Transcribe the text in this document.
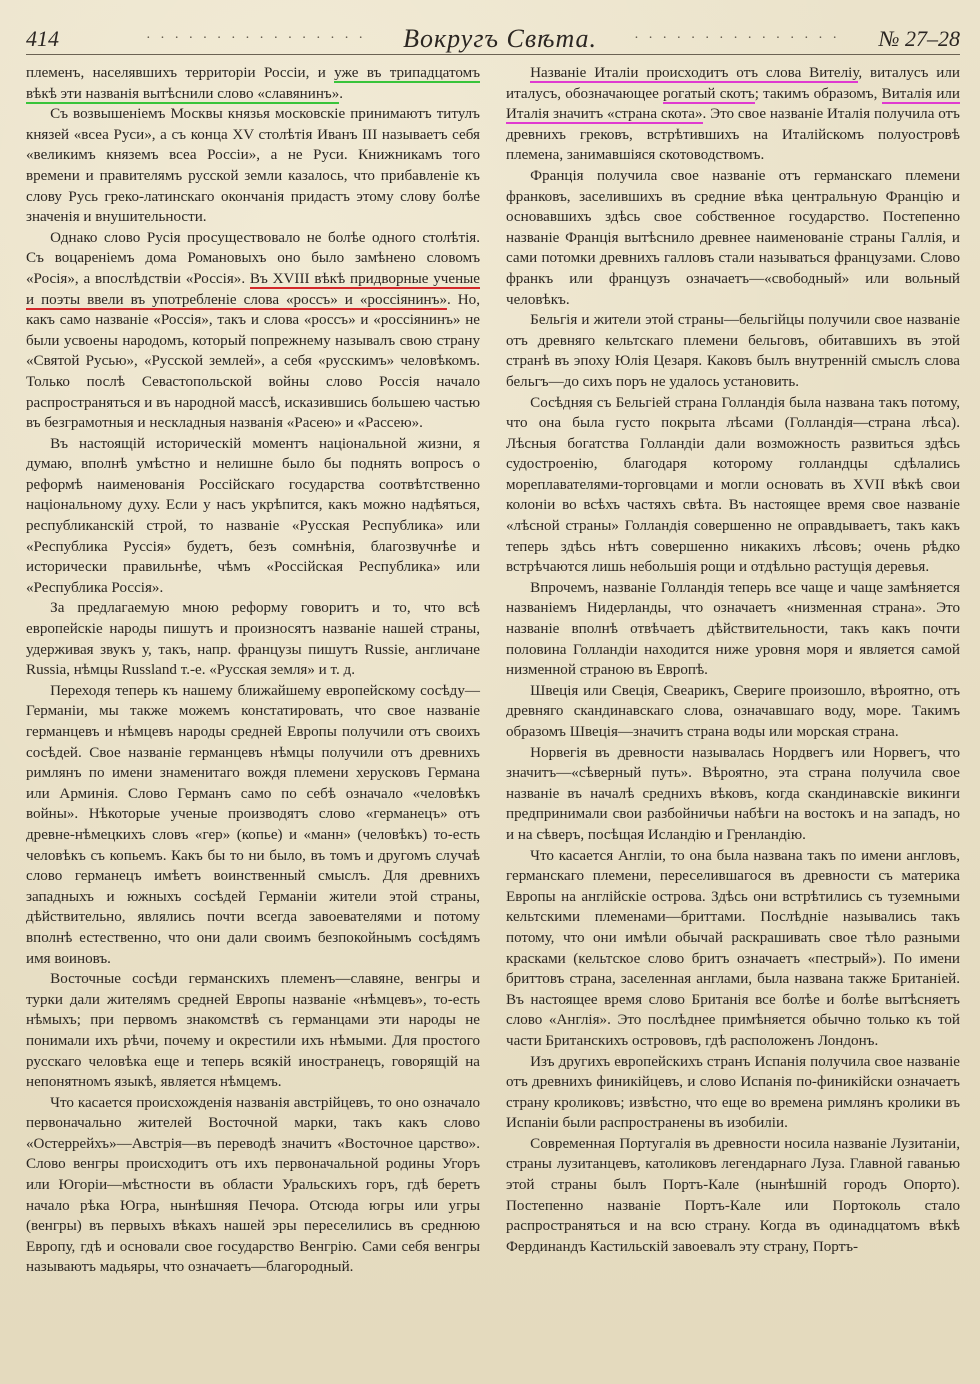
414	· · · · · · · · · · · · · · · ·	Вокругъ Свѣта.	· · · · · · · · · · · · · · ·	№ 27–28

племенъ, населявшихъ территорiи Россiи, и уже въ трипадцатомъ вѣкѣ эти названiя вытѣснили слово «славянинъ».

Съ возвышенiемъ Москвы князья московскiе принимаютъ титулъ князей «всеа Руси», а съ конца XV столѣтiя Иванъ III называетъ себя «великимъ княземъ всеа Россiи», а не Руси. Книжникамъ того времени и правителямъ русской земли казалось, что прибавленiе къ слову Русь греко-латинскаго окончанiя придастъ этому слову болѣе значенiя и внушительности.

Однако слово Русiя просуществовало не болѣе одного столѣтiя. Съ воцаренiемъ дома Романовыхъ оно было замѣнено словомъ «Росiя», а впослѣдствiи «Россiя». Въ XVIII вѣкѣ придворные ученые и поэты ввели въ употребленiе слова «россъ» и «россiянинъ». Но, какъ само названiе «Россiя», такъ и слова «россъ» и «россiянинъ» не были усвоены народомъ, который попрежнему называлъ свою страну «Святой Русью», «Русской землей», а себя «русскимъ» человѣкомъ. Только послѣ Севастопольской войны слово Россiя начало распространяться и въ народной массѣ, исказившись большею частью въ безграмотныя и нескладныя названiя «Расею» и «Рассею».

Въ настоящiй историческiй моментъ нацiональной жизни, я думаю, вполнѣ умѣстно и нелишне было бы поднять вопросъ о реформѣ наименованiя Россiйскаго государства соотвѣтственно нацiональному духу. Если у насъ укрѣпится, какъ можно надѣяться, республиканскiй строй, то названiе «Русская Республика» или «Республика Руссiя» будетъ, безъ сомнѣнiя, благозвучнѣе и исторически правильнѣе, чѣмъ «Россiйская Республика» или «Республика Россiя».

За предлагаемую мною реформу говоритъ и то, что всѣ европейскiе народы пишутъ и произносятъ названiе нашей страны, удерживая звукъ у, такъ, напр. французы пишутъ Russie, англичане Russia, нѣмцы Russland т.-е. «Русская земля» и т. д.

Переходя теперь къ нашему ближайшему европейскому сосѣду—Германiи, мы также можемъ констатировать, что свое названiе германцевъ и нѣмцевъ народы средней Европы получили отъ своихъ сосѣдей. Свое названiе германцевъ нѣмцы получили отъ древнихъ римлянъ по имени знаменитаго вождя племени херусковъ Германа или Арминiя. Слово Германъ само по себѣ означало «человѣкъ войны». Нѣкоторые ученые производятъ слово «германецъ» отъ древне-нѣмецкихъ словъ «гер» (копье) и «манн» (человѣкъ) то-есть человѣкъ съ копьемъ. Какъ бы то ни было, въ томъ и другомъ случаѣ слово германецъ имѣетъ воинственный смыслъ. Для древнихъ западныхъ и южныхъ сосѣдей Германiи жители этой страны, дѣйствительно, являлись почти всегда завоевателями и потому вполнѣ естественно, что они дали своимъ безпокойнымъ сосѣдямъ имя воиновъ.

Восточные сосѣди германскихъ племенъ—славяне, венгры и турки дали жителямъ средней Европы названiе «нѣмцевъ», то-есть нѣмыхъ; при первомъ знакомствѣ съ германцами эти народы не понимали ихъ рѣчи, почему и окрестили ихъ нѣмыми. Для простого русскаго человѣка еще и теперь всякiй иностранецъ, говорящiй на непонятномъ языкѣ, является нѣмцемъ.

Что касается происхожденiя названiя австрiйцевъ, то оно означало первоначально жителей Восточной марки, такъ какъ слово «Остеррейхъ»—Австрiя—въ переводѣ значитъ «Восточное царство». Слово венгры происходитъ отъ ихъ первоначальной родины Угоръ или Югорiи—мѣстности въ области Уральскихъ горъ, гдѣ беретъ начало рѣка Югра, нынѣшняя Печора. Отсюда югры или угры (венгры) въ первыхъ вѣкахъ нашей эры переселились въ среднюю Европу, гдѣ и основали свое государство Венгрiю. Сами себя венгры называютъ мадьяры, что означаетъ—благородный.

Названiе Италiи происходитъ отъ слова Вителiу, виталусъ или италусъ, обозначающее рогатый скотъ; такимъ образомъ, Виталiя или Италiя значитъ «страна скота». Это свое названiе Италiя получила отъ древнихъ грековъ, встрѣтившихъ на Италiйскомъ полуостровѣ племена, занимавшiяся скотоводствомъ.

Францiя получила свое названiе отъ германскаго племени франковъ, заселившихъ въ средние вѣка центральную Францiю и основавшихъ здѣсь свое собственное государство. Постепенно названiе Францiя вытѣснило древнее наименованiе страны Галлiя, и сами потомки древнихъ галловъ стали называться французами. Слово франкъ или французъ означаетъ—«свободный» или вольный человѣкъ.

Бельгiя и жители этой страны—бельгiйцы получили свое названiе отъ древняго кельтскаго племени бельговъ, обитавшихъ въ этой странѣ въ эпоху Юлiя Цезаря. Каковъ былъ внутреннiй смыслъ слова бельгъ—до сихъ поръ не удалось установить.

Сосѣдняя съ Бельгiей страна Голландiя была названа такъ потому, что она была густо покрыта лѣсами (Голландiя—страна лѣса). Лѣсныя богатства Голландiи дали возможность развиться здѣсь судостроенiю, благодаря которому голландцы сдѣлались мореплавателями-торговцами и могли основать въ XVII вѣкѣ свои колонiи во всѣхъ частяхъ свѣта. Въ настоящее время свое названiе «лѣсной страны» Голландiя совершенно не оправдываетъ, такъ какъ теперь здѣсь нѣтъ совершенно никакихъ лѣсовъ; очень рѣдко встрѣчаются лишь небольшiя рощи и отдѣльно растущiя деревья.

Впрочемъ, названiе Голландiя теперь все чаще и чаще замѣняется названiемъ Нидерланды, что означаетъ «низменная страна». Это названiе вполнѣ отвѣчаетъ дѣйствительности, такъ какъ почти половина Голландiи находится ниже уровня моря и является самой низменной страною въ Европѣ.

Швецiя или Свецiя, Свеарикъ, Свериге произошло, вѣроятно, отъ древняго скандинавскаго слова, означавшаго воду, море. Такимъ образомъ Швецiя—значитъ страна воды или морская страна.

Норвегiя въ древности называлась Нордвегъ или Норвегъ, что значитъ—«сѣверный путь». Вѣроятно, эта страна получила свое названiе въ началѣ среднихъ вѣковъ, когда скандинавскiе викинги предпринимали свои разбойничьи набѣги на востокъ и на западъ, но и на сѣверъ, посѣщая Исландiю и Гренландiю.

Что касается Англiи, то она была названа такъ по имени англовъ, германскаго племени, переселившагося въ древности съ материка Европы на англiйскiе острова. Здѣсь они встрѣтились съ туземными кельтскими племенами—бриттами. Послѣднiе назывались такъ потому, что они имѣли обычай раскрашивать свое тѣло разными красками (кельтское слово бритъ означаетъ «пестрый»). По имени бриттовъ страна, заселенная англами, была названа также Британiей. Въ настоящее время слово Британiя все болѣе и болѣе вытѣсняетъ слово «Англiя». Это послѣднее примѣняется обычно только къ той части Британскихъ острововъ, гдѣ расположенъ Лондонъ.

Изъ другихъ европейскихъ странъ Испанiя получила свое названiе отъ древнихъ финикiйцевъ, и слово Испанiя по-финикiйски означаетъ страну кроликовъ; извѣстно, что еще во времена римлянъ кролики въ Испанiи были распространены въ изобилiи.

Современная Португалiя въ древности носила названiе Лузитанiи, страны лузитанцевъ, католиковъ легендарнаго Луза. Главной гаванью этой страны былъ Портъ-Кале (нынѣшнiй городъ Опорто). Постепенно названiе Портъ-Кале или Портоколь стало распространяться и на всю страну. Когда въ одинадцатомъ вѣкѣ Фердинандъ Кастильскiй завоевалъ эту страну, Портъ-
